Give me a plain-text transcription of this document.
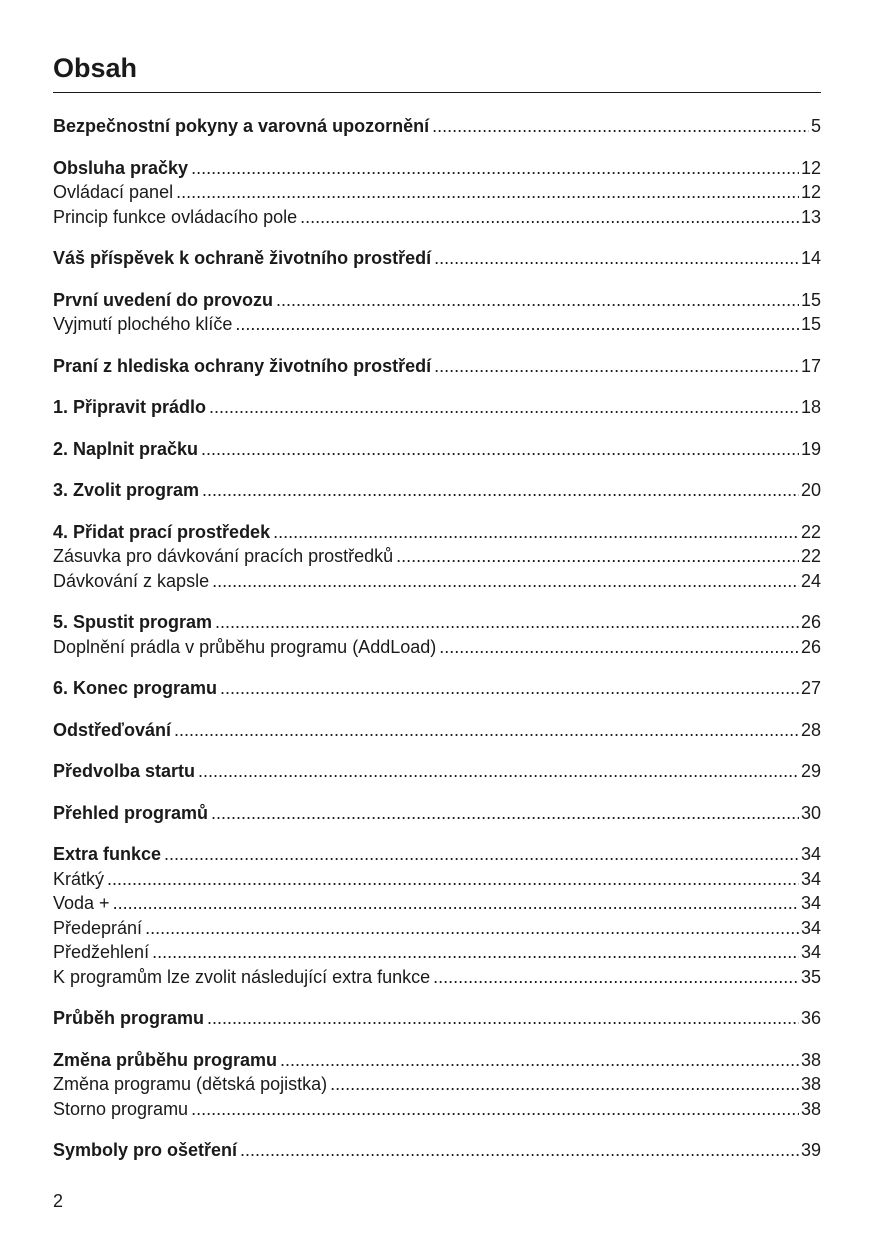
Obsah
Bezpečnostní pokyny a varovná upozornění .....	5
Obsluha pračky .....	12
Ovládací panel .....	12
Princip funkce ovládacího pole .....	13
Váš příspěvek k ochraně životního prostředí .....	14
První uvedení do provozu .....	15
Vyjmutí plochého klíče .....	15
Praní z hlediska ochrany životního prostředí .....	17
1. Připravit prádlo .....	18
2. Naplnit pračku .....	19
3. Zvolit program .....	20
4. Přidat prací prostředek .....	22
Zásuvka pro dávkování pracích prostředků .....	22
Dávkování z kapsle .....	24
5. Spustit program .....	26
Doplnění prádla v průběhu programu (AddLoad) .....	26
6. Konec programu .....	27
Odstřeďování .....	28
Předvolba startu .....	29
Přehled programů .....	30
Extra funkce .....	34
Krátký .....	34
Voda + .....	34
Předeprání .....	34
Předžehlení .....	34
K programům lze zvolit následující extra funkce .....	35
Průběh programu .....	36
Změna průběhu programu .....	38
Změna programu (dětská pojistka) .....	38
Storno programu .....	38
Symboly pro ošetření .....	39
2
